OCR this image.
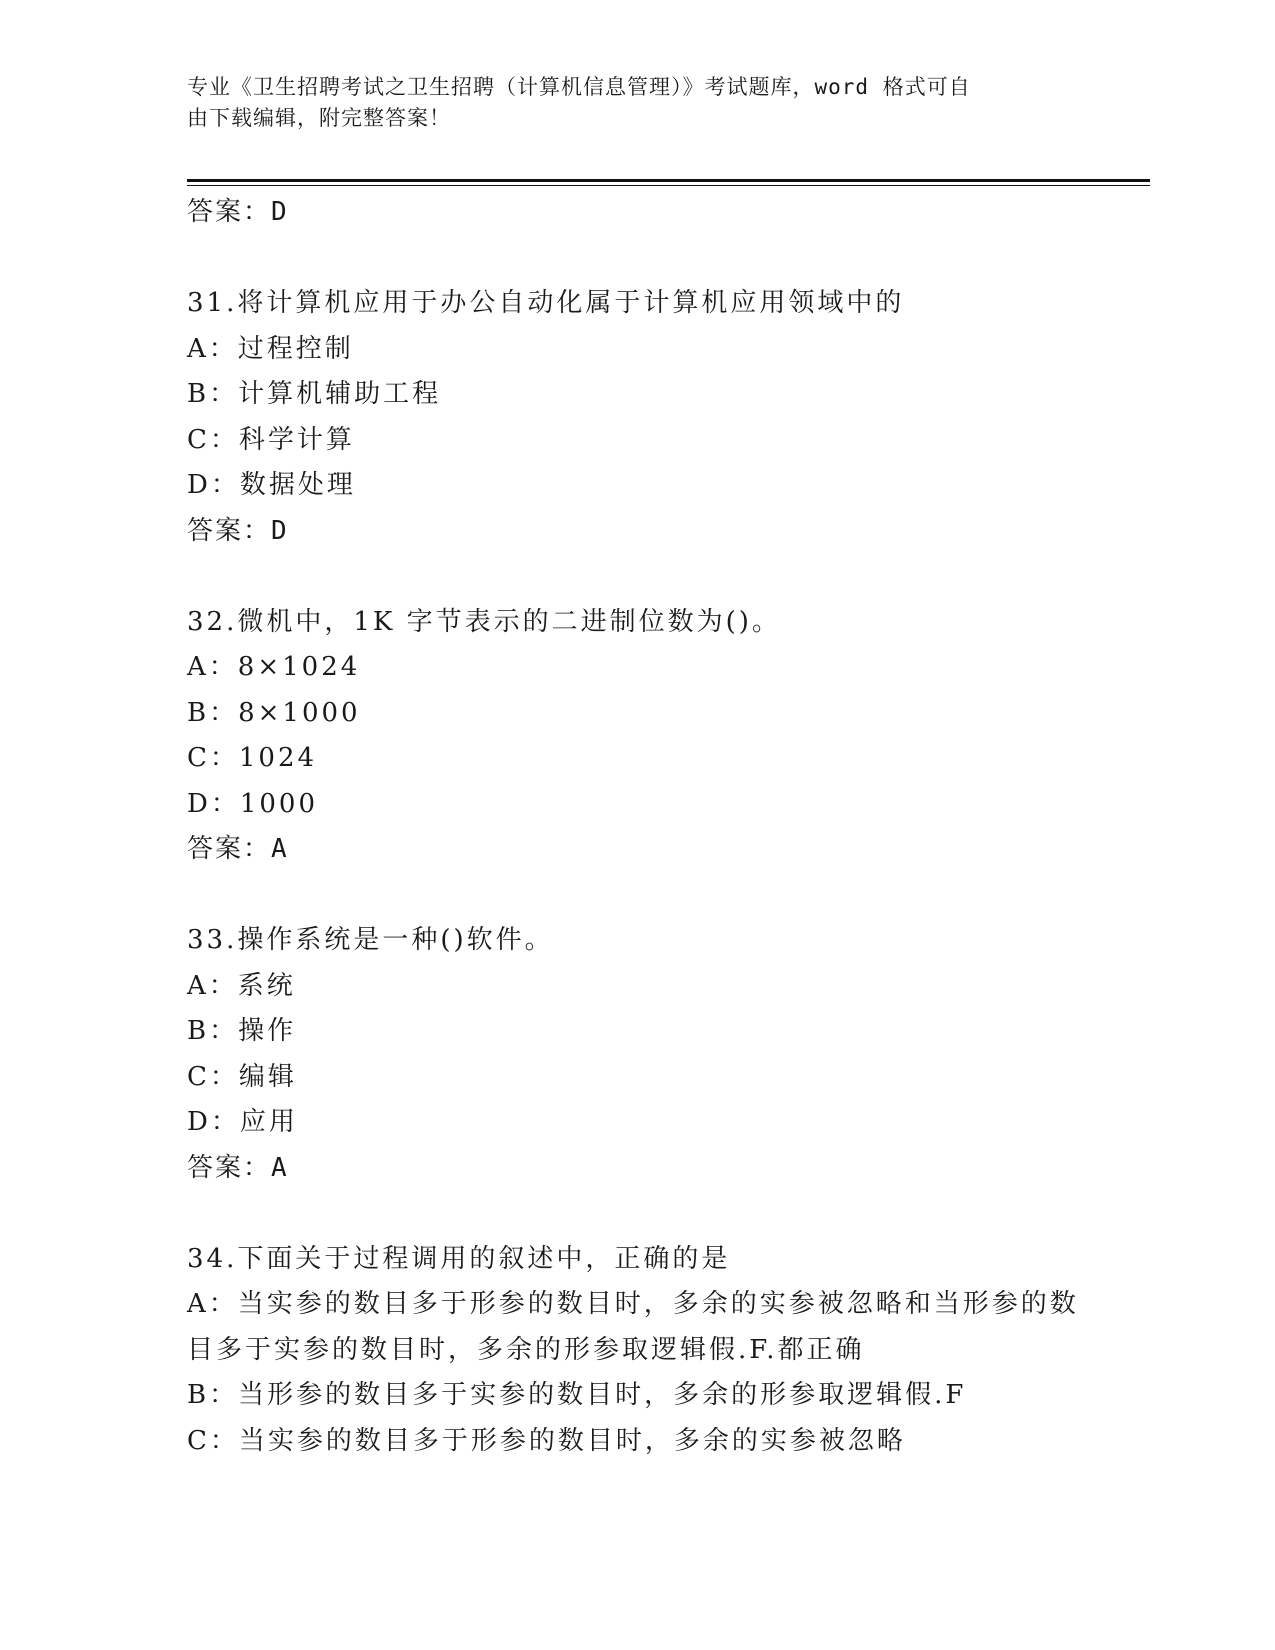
专业《卫生招聘考试之卫生招聘（计算机信息管理）》考试题库，word 格式可自
由下载编辑，附完整答案！
答案：D
31.将计算机应用于办公自动化属于计算机应用领域中的
A：过程控制
B：计算机辅助工程
C：科学计算
D：数据处理
答案：D
32.微机中，1K 字节表示的二进制位数为()。
A：8×1024
B：8×1000
C：1024
D：1000
答案：A
33.操作系统是一种()软件。
A：系统
B：操作
C：编辑
D：应用
答案：A
34.下面关于过程调用的叙述中，正确的是
A：当实参的数目多于形参的数目时，多余的实参被忽略和当形参的数
目多于实参的数目时，多余的形参取逻辑假.F.都正确
B：当形参的数目多于实参的数目时，多余的形参取逻辑假.F
C：当实参的数目多于形参的数目时，多余的实参被忽略
